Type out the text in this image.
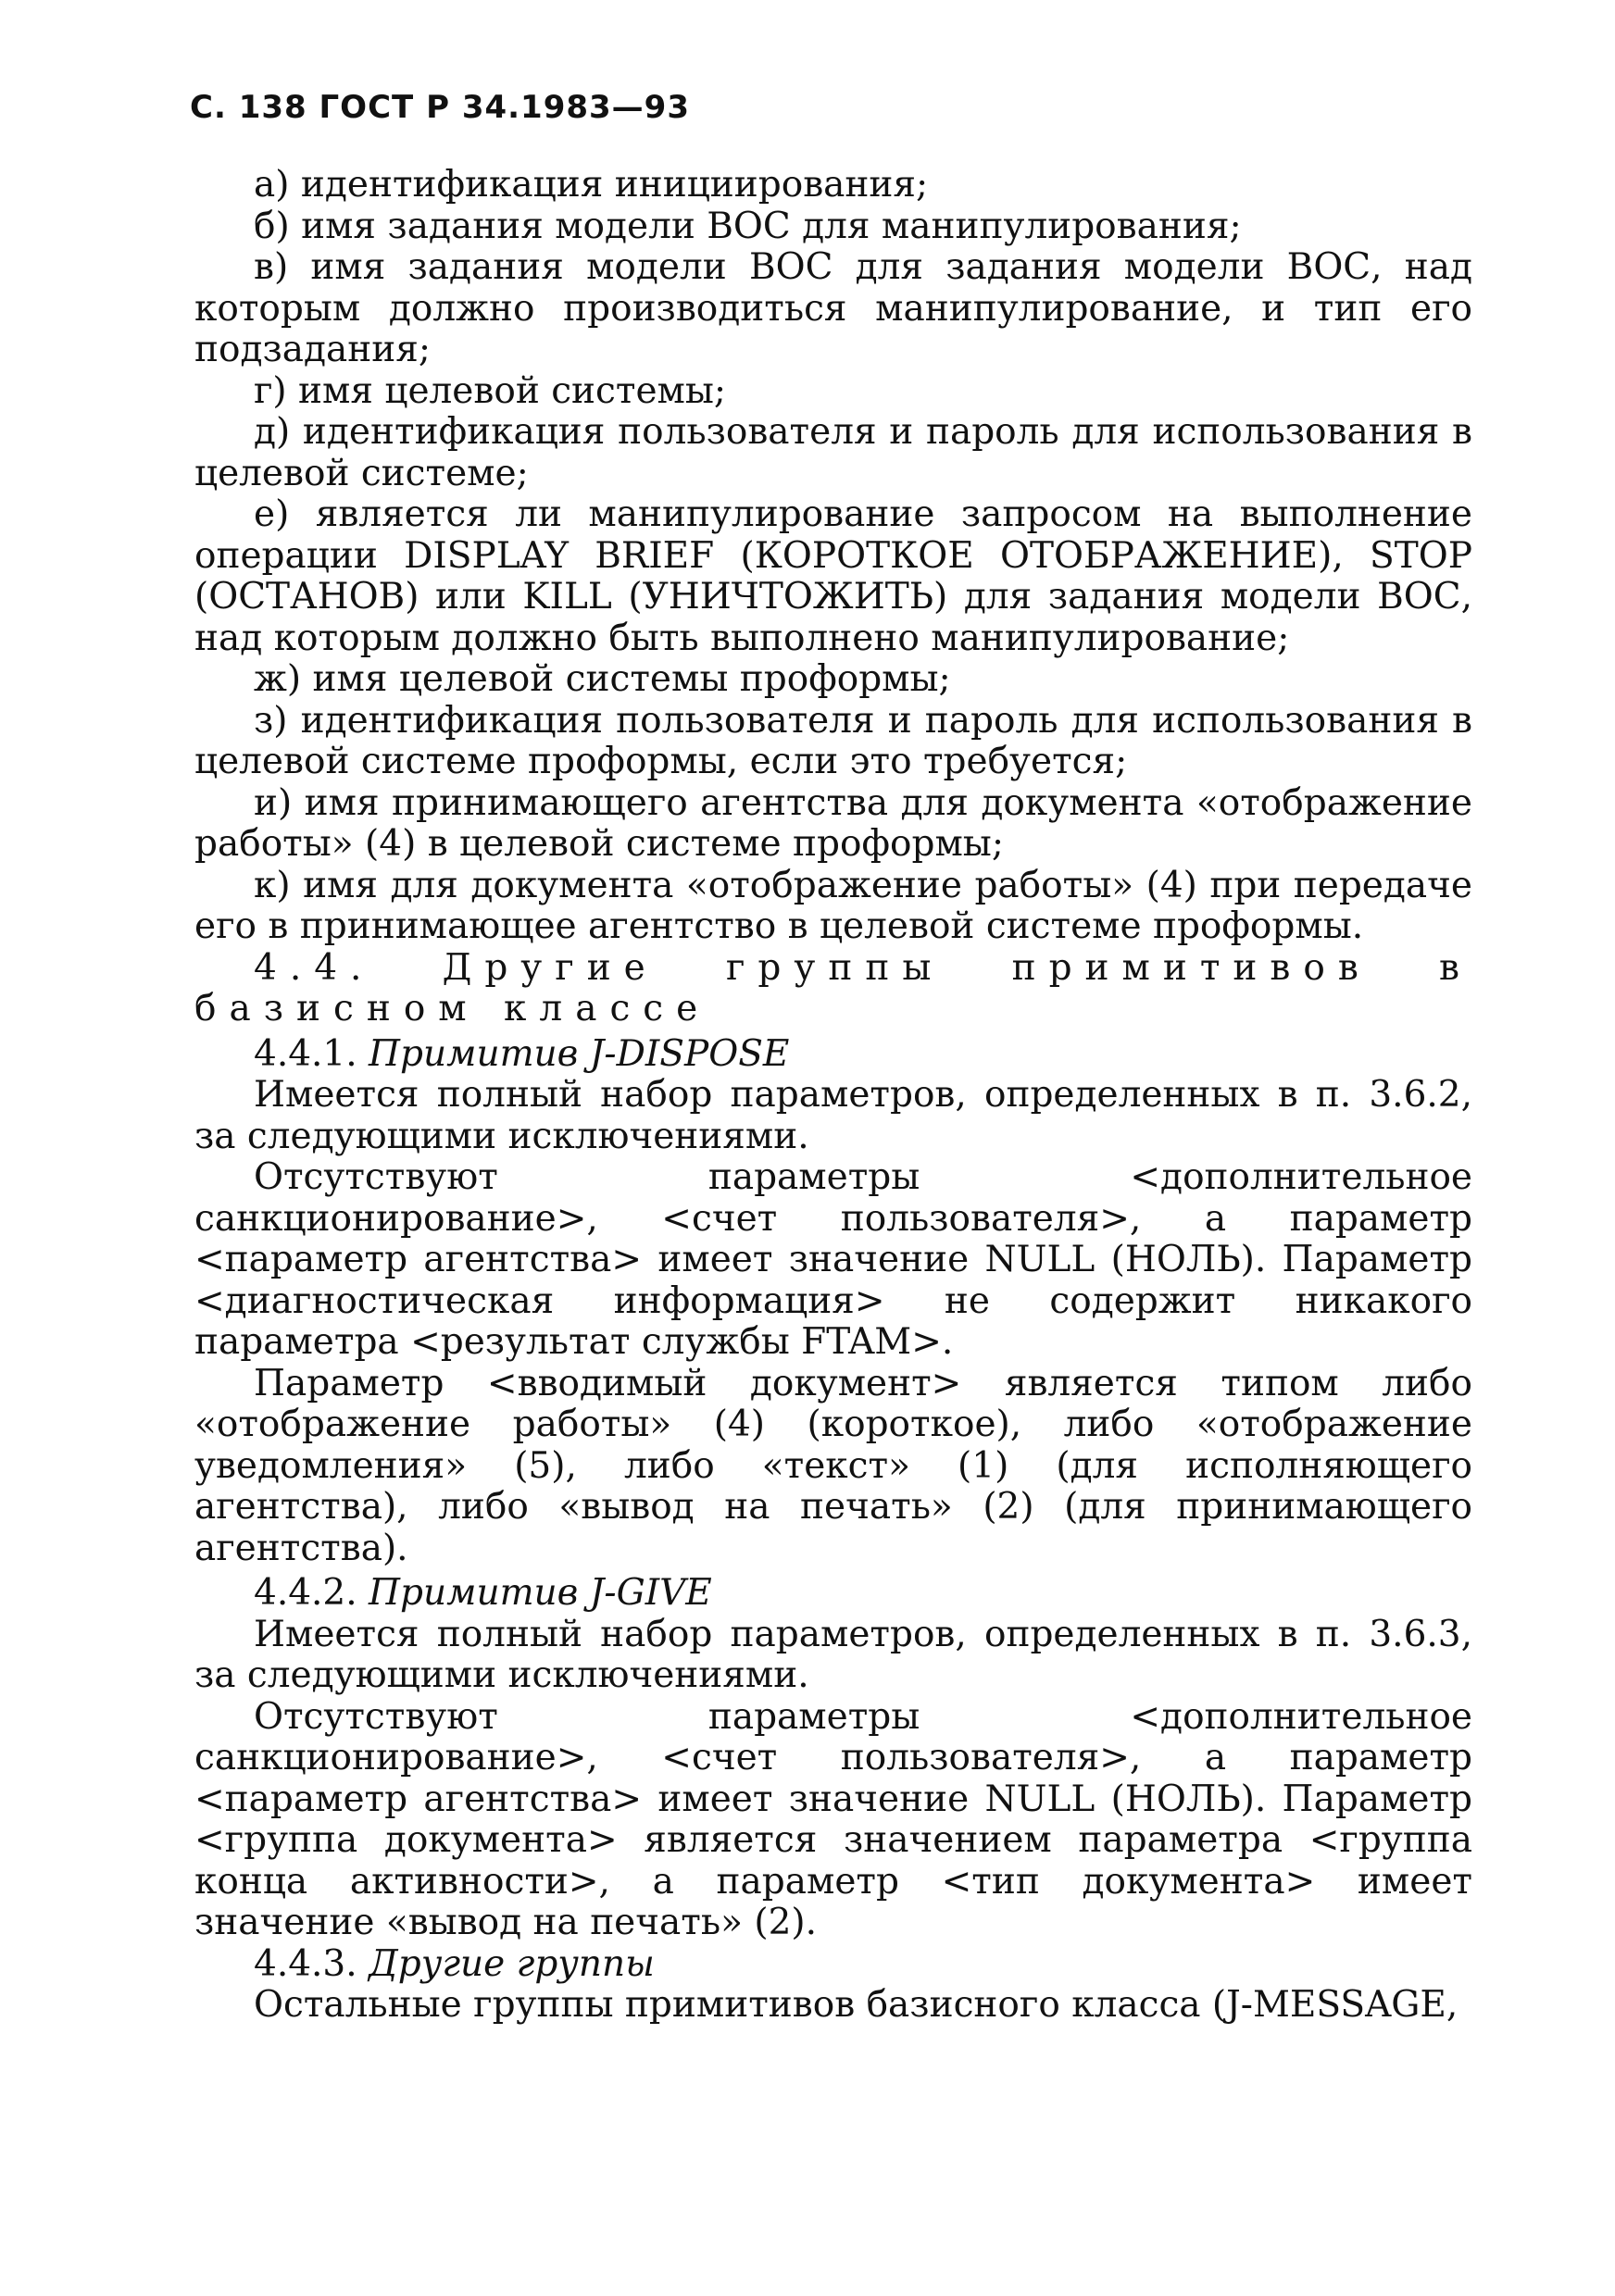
С. 138 ГОСТ Р 34.1983—93

а) идентификация инициирования;

б) имя задания модели ВОС для манипулирования;

в) имя задания модели ВОС для задания модели ВОС, над которым должно производиться манипулирование, и тип его подзадания;

г) имя целевой системы;

д) идентификация пользователя и пароль для использования в целевой системе;

е) является ли манипулирование запросом на выполнение операции DISPLAY BRIEF (КОРОТКОЕ ОТОБРАЖЕНИЕ), STOP (ОСТАНОВ) или KILL (УНИЧТОЖИТЬ) для задания модели ВОС, над которым должно быть выполнено манипулирование;

ж) имя целевой системы проформы;

з) идентификация пользователя и пароль для использования в целевой системе проформы, если это требуется;

и) имя принимающего агентства для документа «отображение работы» (4) в целевой системе проформы;

к) имя для документа «отображение работы» (4) при передаче его в принимающее агентство в целевой системе проформы.

4.4. Другие группы примитивов в базисном классе

4.4.1. Примитив J-DISPOSE

Имеется полный набор параметров, определенных в п. 3.6.2, за следующими исключениями.

Отсутствуют параметры <дополнительное санкционирование>, <счет пользователя>, а параметр <параметр агентства> имеет значение NULL (НОЛЬ). Параметр <диагностическая информация> не содержит никакого параметра <результат службы FTAM>.

Параметр <вводимый документ> является типом либо «отображение работы» (4) (короткое), либо «отображение уведомления» (5), либо «текст» (1) (для исполняющего агентства), либо «вывод на печать» (2) (для принимающего агентства).

4.4.2. Примитив J-GIVE

Имеется полный набор параметров, определенных в п. 3.6.3, за следующими исключениями.

Отсутствуют параметры <дополнительное санкционирование>, <счет пользователя>, а параметр <параметр агентства> имеет значение NULL (НОЛЬ). Параметр <группа документа> является значением параметра <группа конца активности>, а параметр <тип документа> имеет значение «вывод на печать» (2).

4.4.3. Другие группы

Остальные группы примитивов базисного класса (J-MESSAGE,
